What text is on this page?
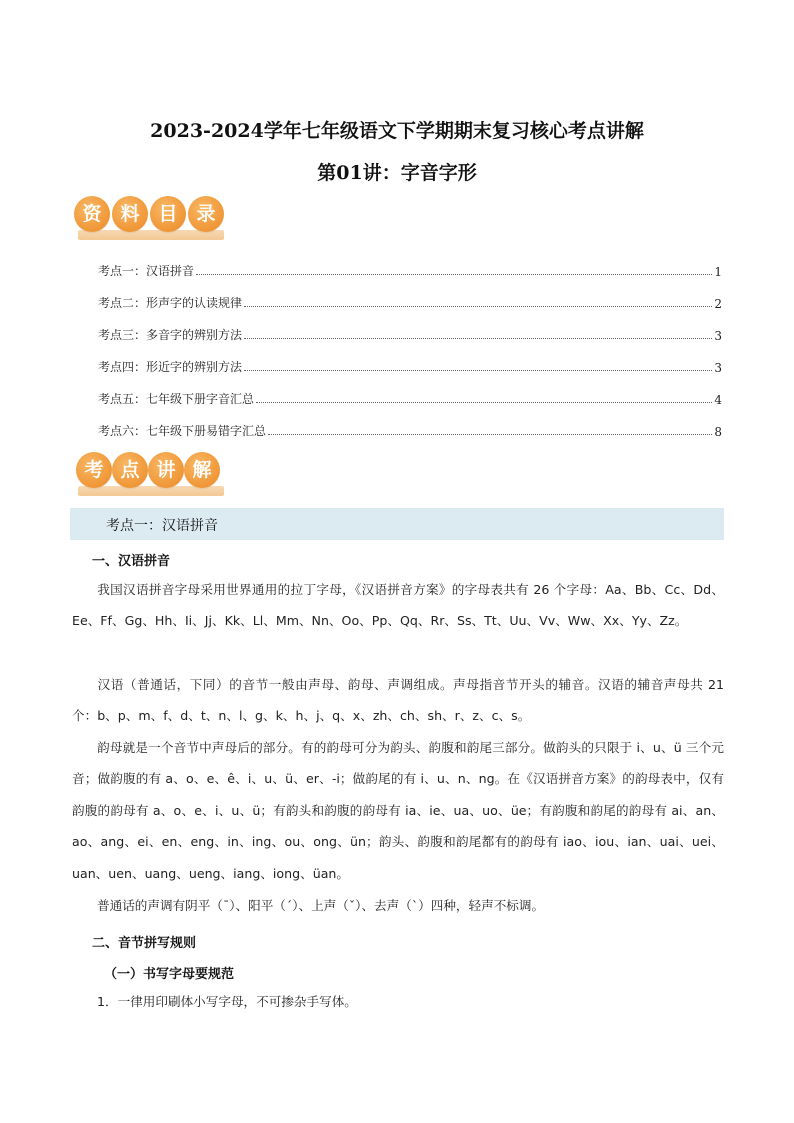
2023-2024学年七年级语文下学期期末复习核心考点讲解
第01讲：字音字形
资 料 目 录
考点一：汉语拼音	1
考点二：形声字的认读规律	2
考点三：多音字的辨别方法	3
考点四：形近字的辨别方法	3
考点五：七年级下册字音汇总	4
考点六：七年级下册易错字汇总	8
考 点 讲 解
考点一：汉语拼音
一、汉语拼音
我国汉语拼音字母采用世界通用的拉丁字母，《汉语拼音方案》的字母表共有 26 个字母：Aa、Bb、Cc、Dd、Ee、Ff、Gg、Hh、Ii、Jj、Kk、Ll、Mm、Nn、Oo、Pp、Qq、Rr、Ss、Tt、Uu、Vv、Ww、Xx、Yy、Zz。
汉语（普通话，下同）的音节一般由声母、韵母、声调组成。声母指音节开头的辅音。汉语的辅音声母共 21 个：b、p、m、f、d、t、n、l、g、k、h、j、q、x、zh、ch、sh、r、z、c、s。
韵母就是一个音节中声母后的部分。有的韵母可分为韵头、韵腹和韵尾三部分。做韵头的只限于 i、u、ü 三个元音；做韵腹的有 a、o、e、ê、i、u、ü、er、-i；做韵尾的有 i、u、n、ng。在《汉语拼音方案》的韵母表中，仅有韵腹的韵母有 a、o、e、i、u、ü；有韵头和韵腹的韵母有 ia、ie、ua、uo、üe；有韵腹和韵尾的韵母有 ai、an、ao、ang、ei、en、eng、in、ing、ou、ong、ün；韵头、韵腹和韵尾都有的韵母有 iao、iou、ian、uai、uei、uan、uen、uang、ueng、iang、iong、üan。
普通话的声调有阴平（ˉ）、阳平（ˊ）、上声（ˇ）、去声（ˋ）四种，轻声不标调。
二、音节拼写规则
（一）书写字母要规范
1．一律用印刷体小写字母，不可掺杂手写体。
